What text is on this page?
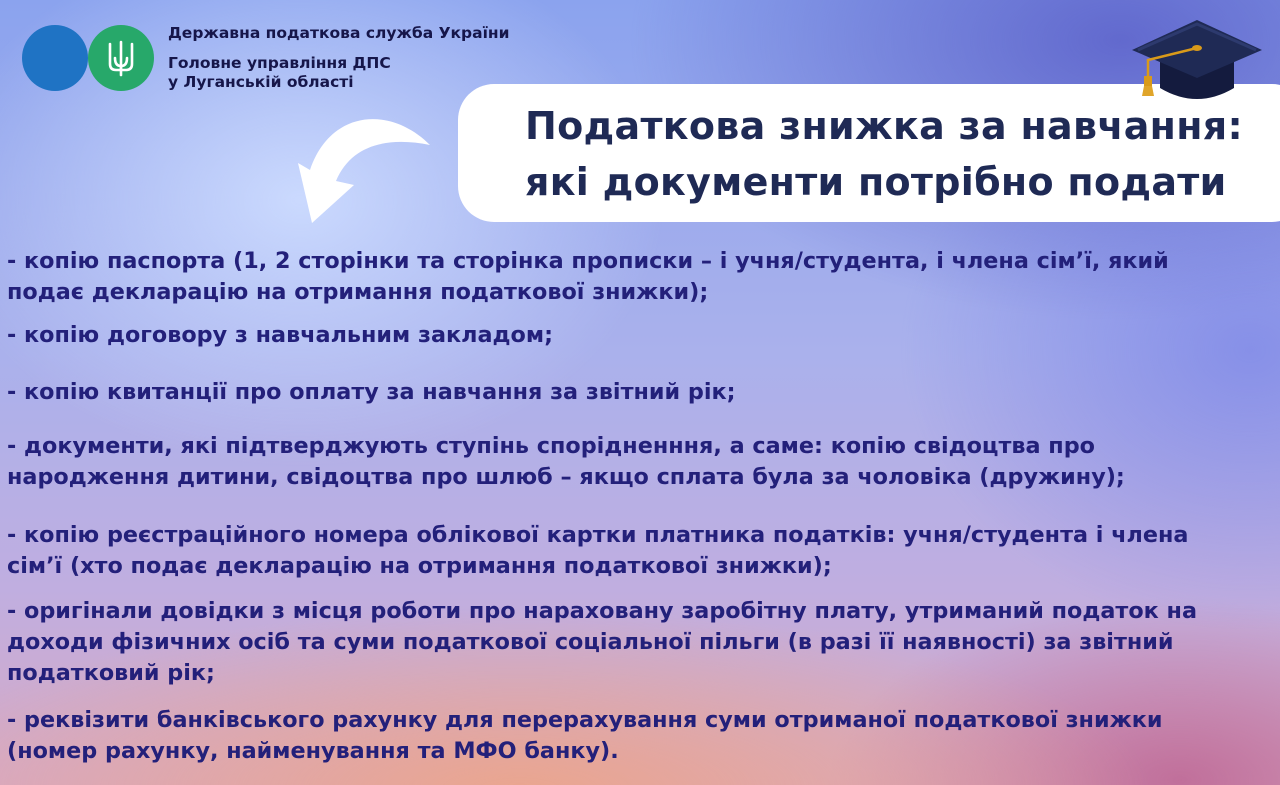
Державна податкова служба України
Головне управління ДПС
у Луганській області
Податкова знижка за навчання:
які документи потрібно подати
- копію паспорта (1, 2 сторінки та сторінка прописки – і учня/студента, і члена сім’ї, який
подає декларацію на отримання податкової знижки);
- копію договору з навчальним закладом;
- копію квитанції про оплату за навчання за звітний рік;
- документи, які підтверджують ступінь спорідненння, а саме: копію свідоцтва про
народження дитини, свідоцтва про шлюб – якщо сплата була за чоловіка (дружину);
- копію реєстраційного номера облікової картки платника податків: учня/студента і члена
сім’ї (хто подає декларацію на отримання податкової знижки);
- оригінали довідки з місця роботи про нараховану заробітну плату, утриманий податок на
доходи фізичних осіб та суми податкової соціальної пільги (в разі її наявності) за звітний
податковий рік;
- реквізити банківського рахунку для перерахування суми отриманої податкової знижки
(номер рахунку, найменування та МФО банку).
